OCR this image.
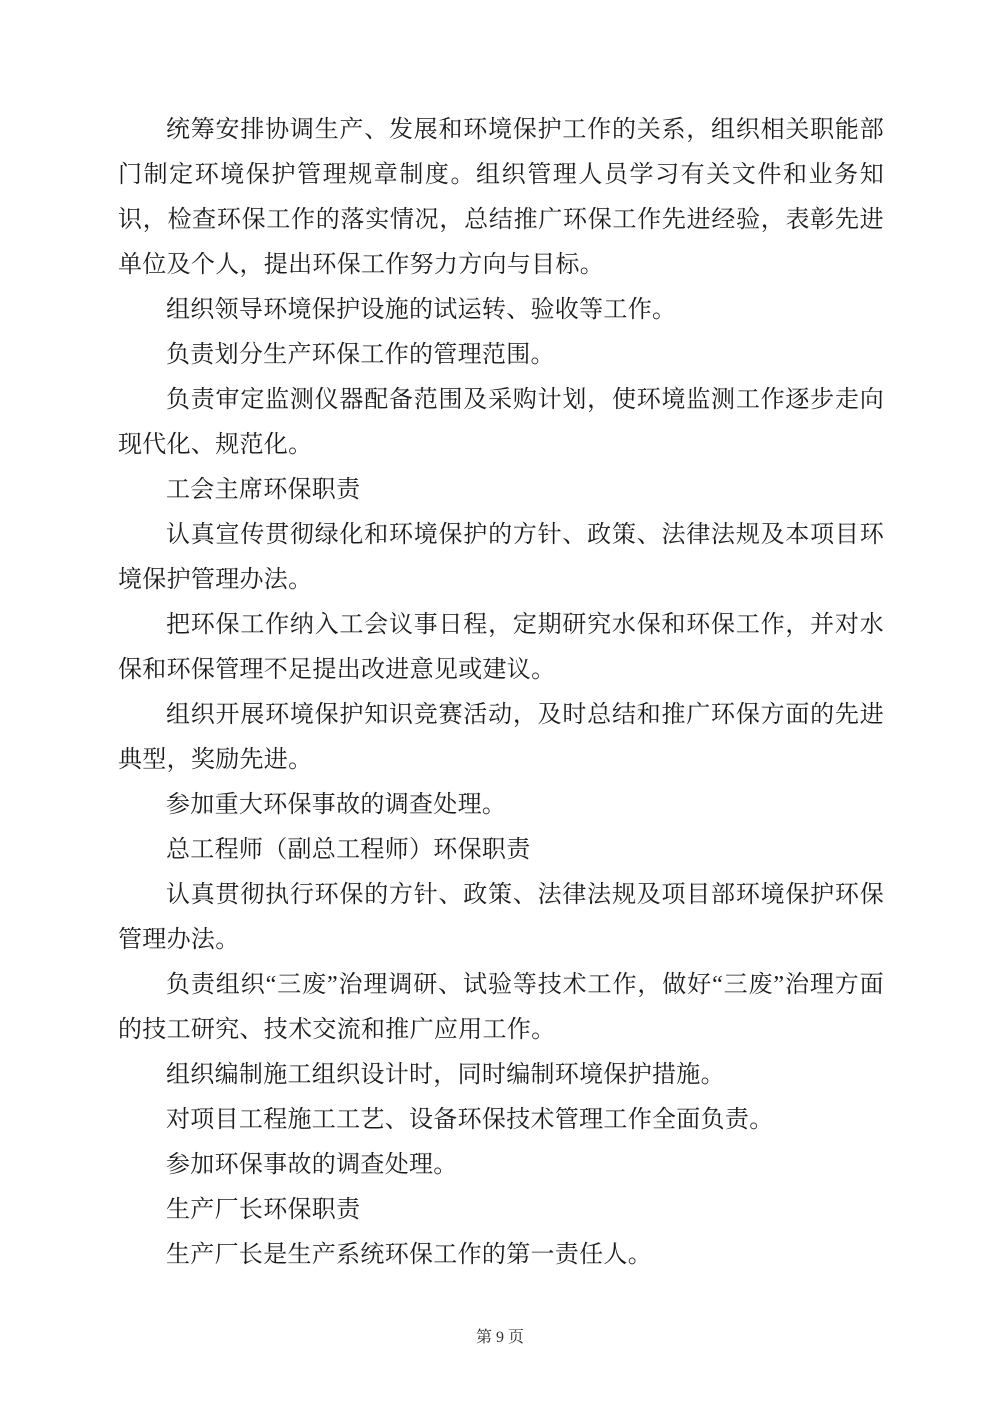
统筹安排协调生产、发展和环境保护工作的关系，组织相关职能部门制定环境保护管理规章制度。组织管理人员学习有关文件和业务知识，检查环保工作的落实情况，总结推广环保工作先进经验，表彰先进单位及个人，提出环保工作努力方向与目标。

组织领导环境保护设施的试运转、验收等工作。

负责划分生产环保工作的管理范围。

负责审定监测仪器配备范围及采购计划，使环境监测工作逐步走向现代化、规范化。

工会主席环保职责

认真宣传贯彻绿化和环境保护的方针、政策、法律法规及本项目环境保护管理办法。

把环保工作纳入工会议事日程，定期研究水保和环保工作，并对水保和环保管理不足提出改进意见或建议。

组织开展环境保护知识竞赛活动，及时总结和推广环保方面的先进典型，奖励先进。

参加重大环保事故的调查处理。

总工程师（副总工程师）环保职责

认真贯彻执行环保的方针、政策、法律法规及项目部环境保护环保管理办法。

负责组织“三废”治理调研、试验等技术工作，做好“三废”治理方面的技工研究、技术交流和推广应用工作。

组织编制施工组织设计时，同时编制环境保护措施。

对项目工程施工工艺、设备环保技术管理工作全面负责。

参加环保事故的调查处理。

生产厂长环保职责

生产厂长是生产系统环保工作的第一责任人。

第 9 页
